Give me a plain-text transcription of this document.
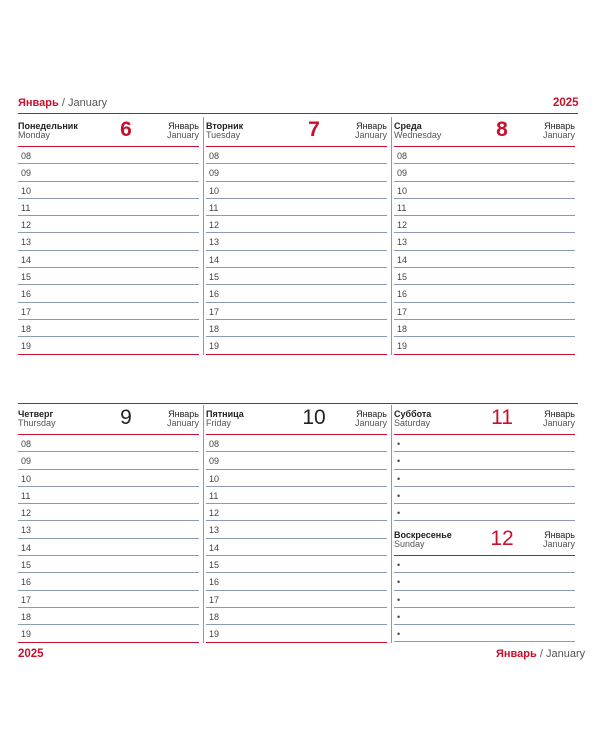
Январь / January	2025
Понедельник
Monday	6	Январь
January
08
09
10
11
12
13
14
15
16
17
18
19
Вторник
Tuesday	7	Январь
January
08
09
10
11
12
13
14
15
16
17
18
19
Среда
Wednesday	8	Январь
January
08
09
10
11
12
13
14
15
16
17
18
19
Четверг
Thursday	9	Январь
January
08
09
10
11
12
13
14
15
16
17
18
19
Пятница
Friday	10	Январь
January
08
09
10
11
12
13
14
15
16
17
18
19
Суббота
Saturday	11	Январь
January
•
•
•
•
•
Воскресенье
Sunday	12	Январь
January
•
•
•
•
•
2025	Январь / January
